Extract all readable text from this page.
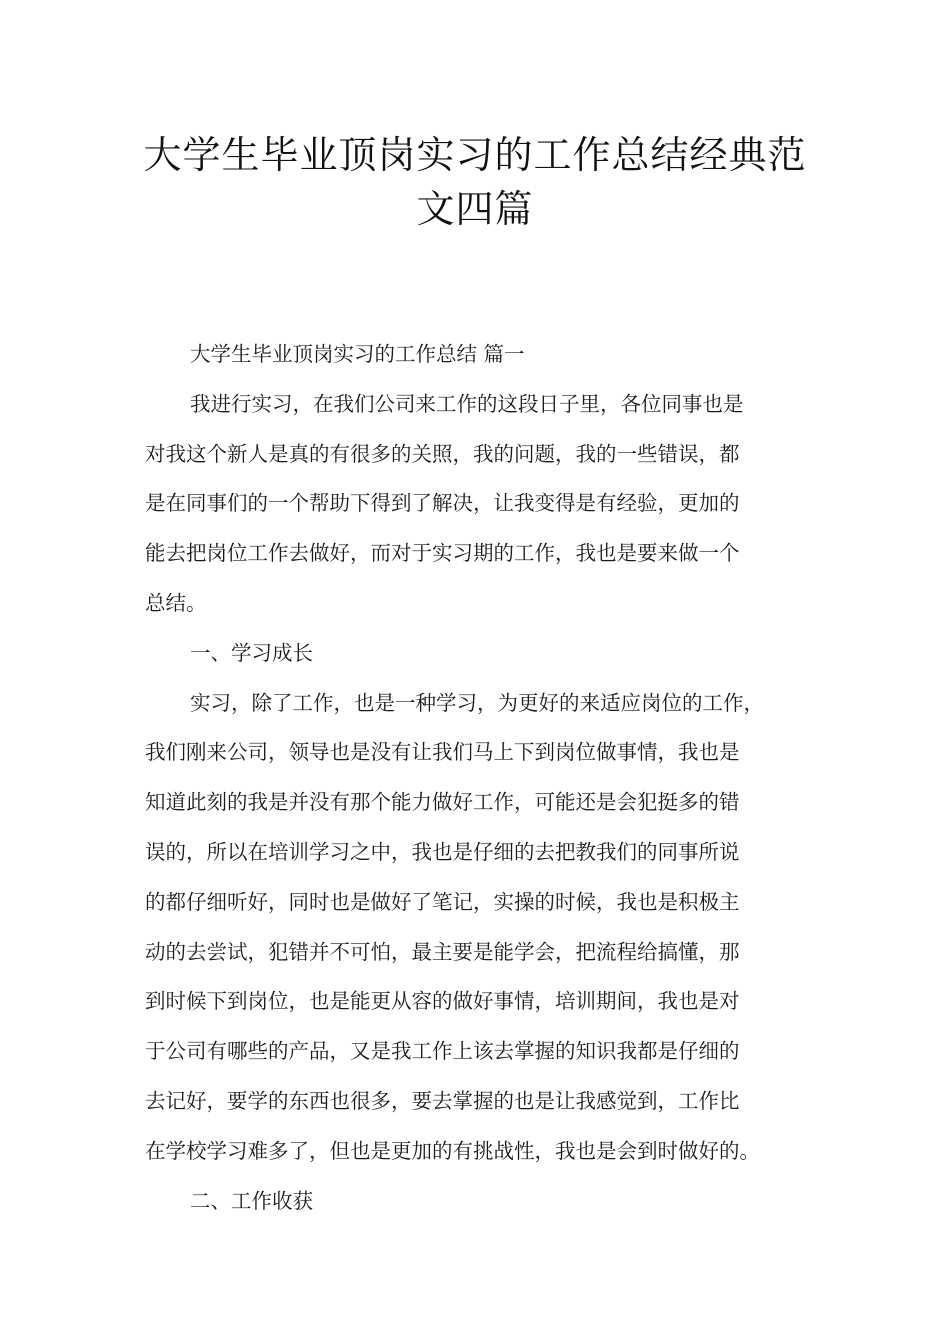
大学生毕业顶岗实习的工作总结经典范
文四篇
大学生毕业顶岗实习的工作总结 篇一
我进行实习，在我们公司来工作的这段日子里，各位同事也是
对我这个新人是真的有很多的关照，我的问题，我的一些错误，都
是在同事们的一个帮助下得到了解决，让我变得是有经验，更加的
能去把岗位工作去做好，而对于实习期的工作，我也是要来做一个
总结。
一、学习成长
实习，除了工作，也是一种学习，为更好的来适应岗位的工作，
我们刚来公司，领导也是没有让我们马上下到岗位做事情，我也是
知道此刻的我是并没有那个能力做好工作，可能还是会犯挺多的错
误的，所以在培训学习之中，我也是仔细的去把教我们的同事所说
的都仔细听好，同时也是做好了笔记，实操的时候，我也是积极主
动的去尝试，犯错并不可怕，最主要是能学会，把流程给搞懂，那
到时候下到岗位，也是能更从容的做好事情，培训期间，我也是对
于公司有哪些的产品，又是我工作上该去掌握的知识我都是仔细的
去记好，要学的东西也很多，要去掌握的也是让我感觉到，工作比
在学校学习难多了，但也是更加的有挑战性，我也是会到时做好的。
二、工作收获
